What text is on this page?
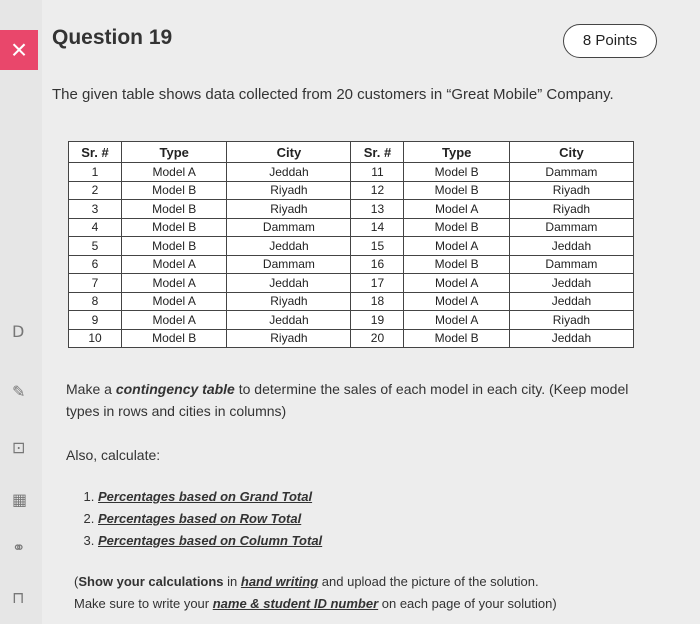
×
D
✎
⊡
▦
⚭
⊓
Question 19	8 Points
The given table shows data collected from 20 customers in “Great Mobile” Company.
Sr. #	Type	City	Sr. #	Type	City
1	Model A	Jeddah	11	Model B	Dammam
2	Model B	Riyadh	12	Model B	Riyadh
3	Model B	Riyadh	13	Model A	Riyadh
4	Model B	Dammam	14	Model B	Dammam
5	Model B	Jeddah	15	Model A	Jeddah
6	Model A	Dammam	16	Model B	Dammam
7	Model A	Jeddah	17	Model A	Jeddah
8	Model A	Riyadh	18	Model A	Jeddah
9	Model A	Jeddah	19	Model A	Riyadh
10	Model B	Riyadh	20	Model B	Jeddah
Make a contingency table to determine the sales of each model in each city. (Keep model types in rows and cities in columns)
Also, calculate:
1. Percentages based on Grand Total
2. Percentages based on Row Total
3. Percentages based on Column Total
(Show your calculations in hand writing and upload the picture of the solution.
Make sure to write your name & student ID number on each page of your solution)
